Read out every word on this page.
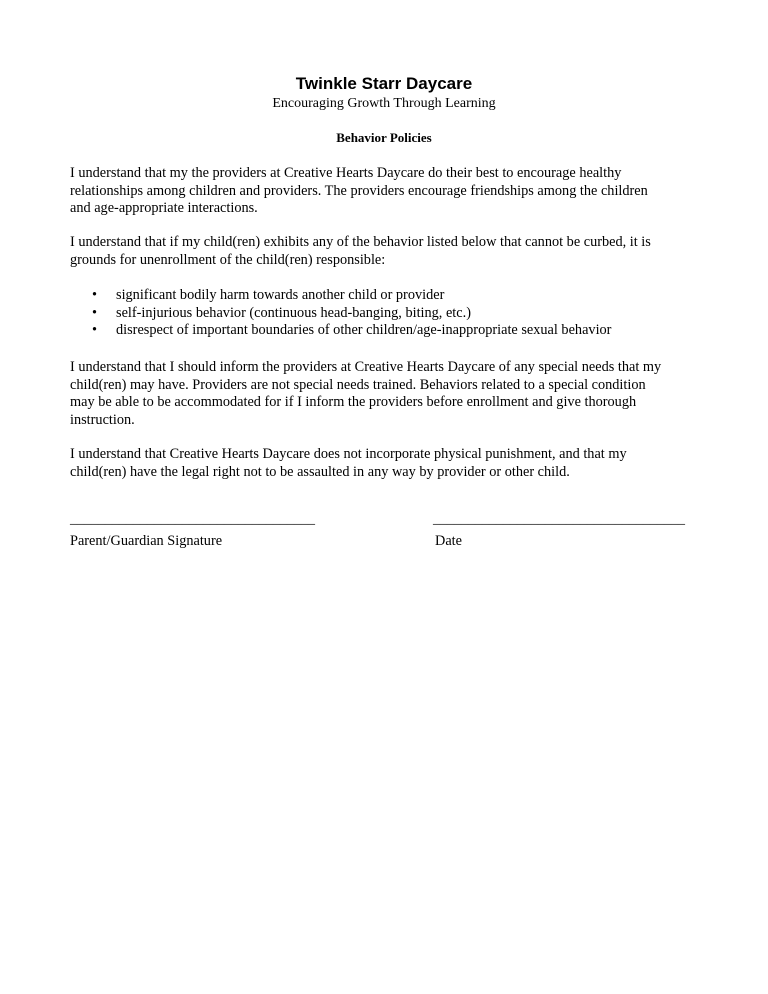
Twinkle Starr Daycare
Encouraging Growth Through Learning
Behavior Policies
I understand that my the providers at Creative Hearts Daycare do their best to encourage healthy
relationships among children and providers. The providers encourage friendships among the children
and age-appropriate interactions.
I understand that if my child(ren) exhibits any of the behavior listed below that cannot be curbed, it is
grounds for unenrollment of the child(ren) responsible:
• significant bodily harm towards another child or provider
• self-injurious behavior (continuous head-banging, biting, etc.)
• disrespect of important boundaries of other children/age-inappropriate sexual behavior
I understand that I should inform the providers at Creative Hearts Daycare of any special needs that my
child(ren) may have. Providers are not special needs trained. Behaviors related to a special condition
may be able to be accommodated for if I inform the providers before enrollment and give thorough
instruction.
I understand that Creative Hearts Daycare does not incorporate physical punishment, and that my
child(ren) have the legal right not to be assaulted in any way by provider or other child.
___________________________________	____________________________________
Parent/Guardian Signature	Date
